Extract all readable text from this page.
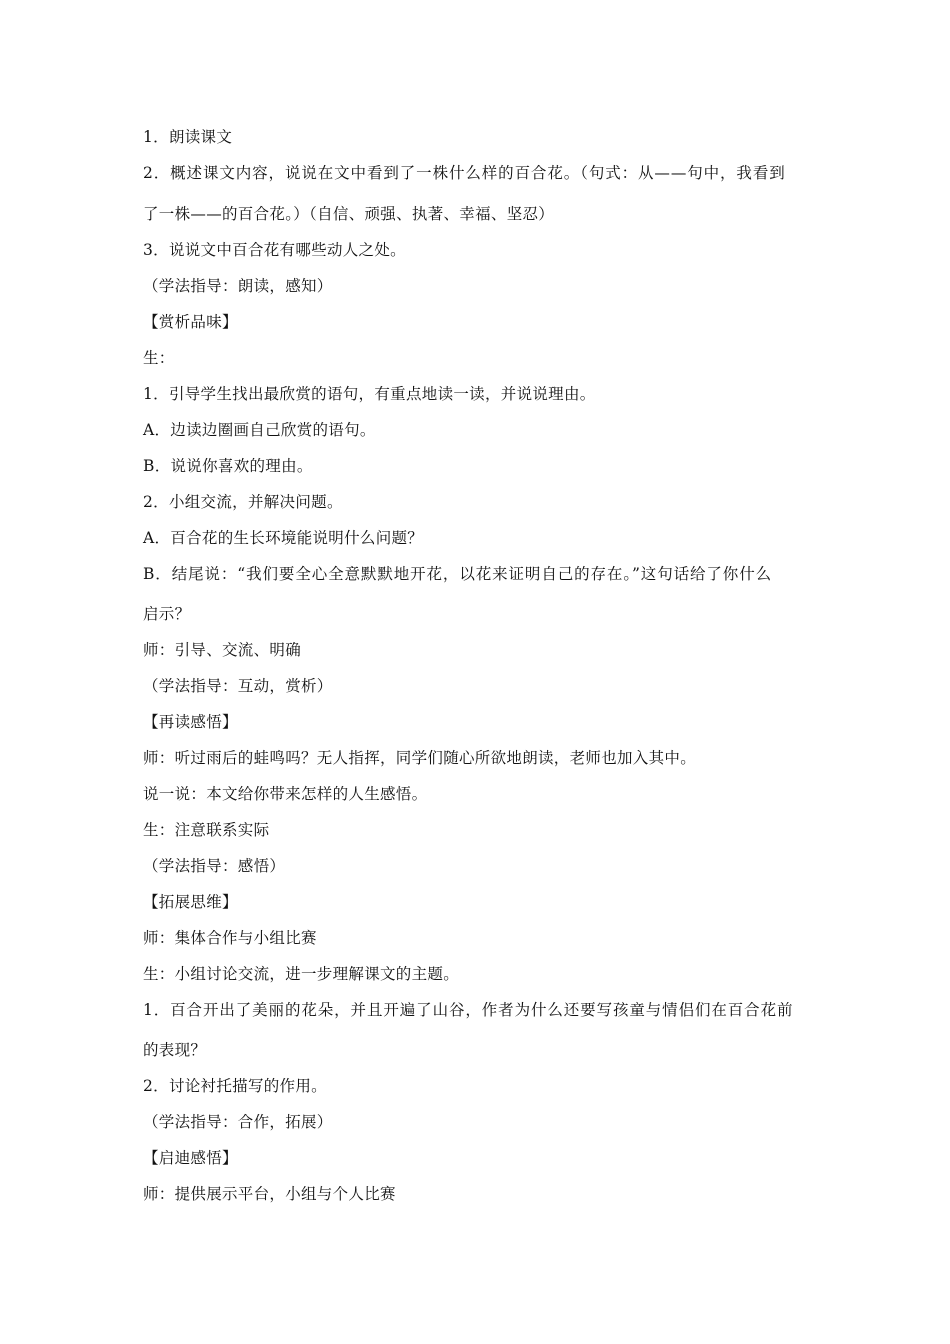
1．朗读课文
2．概述课文内容，说说在文中看到了一株什么样的百合花。（句式：从——句中，我看到
了一株——的百合花。）（自信、顽强、执著、幸福、坚忍）
3．说说文中百合花有哪些动人之处。
（学法指导：朗读，感知）
【赏析品味】
生：
1．引导学生找出最欣赏的语句，有重点地读一读，并说说理由。
A．边读边圈画自己欣赏的语句。
B．说说你喜欢的理由。
2．小组交流，并解决问题。
A．百合花的生长环境能说明什么问题？
B．结尾说：“我们要全心全意默默地开花，以花来证明自己的存在。”这句话给了你什么
启示？
师：引导、交流、明确
（学法指导：互动，赏析）
【再读感悟】
师：听过雨后的蛙鸣吗？无人指挥，同学们随心所欲地朗读，老师也加入其中。
说一说：本文给你带来怎样的人生感悟。
生：注意联系实际
（学法指导：感悟）
【拓展思维】
师：集体合作与小组比赛
生：小组讨论交流，进一步理解课文的主题。
1．百合开出了美丽的花朵，并且开遍了山谷，作者为什么还要写孩童与情侣们在百合花前
的表现？
2．讨论衬托描写的作用。
（学法指导：合作，拓展）
【启迪感悟】
师：提供展示平台，小组与个人比赛
